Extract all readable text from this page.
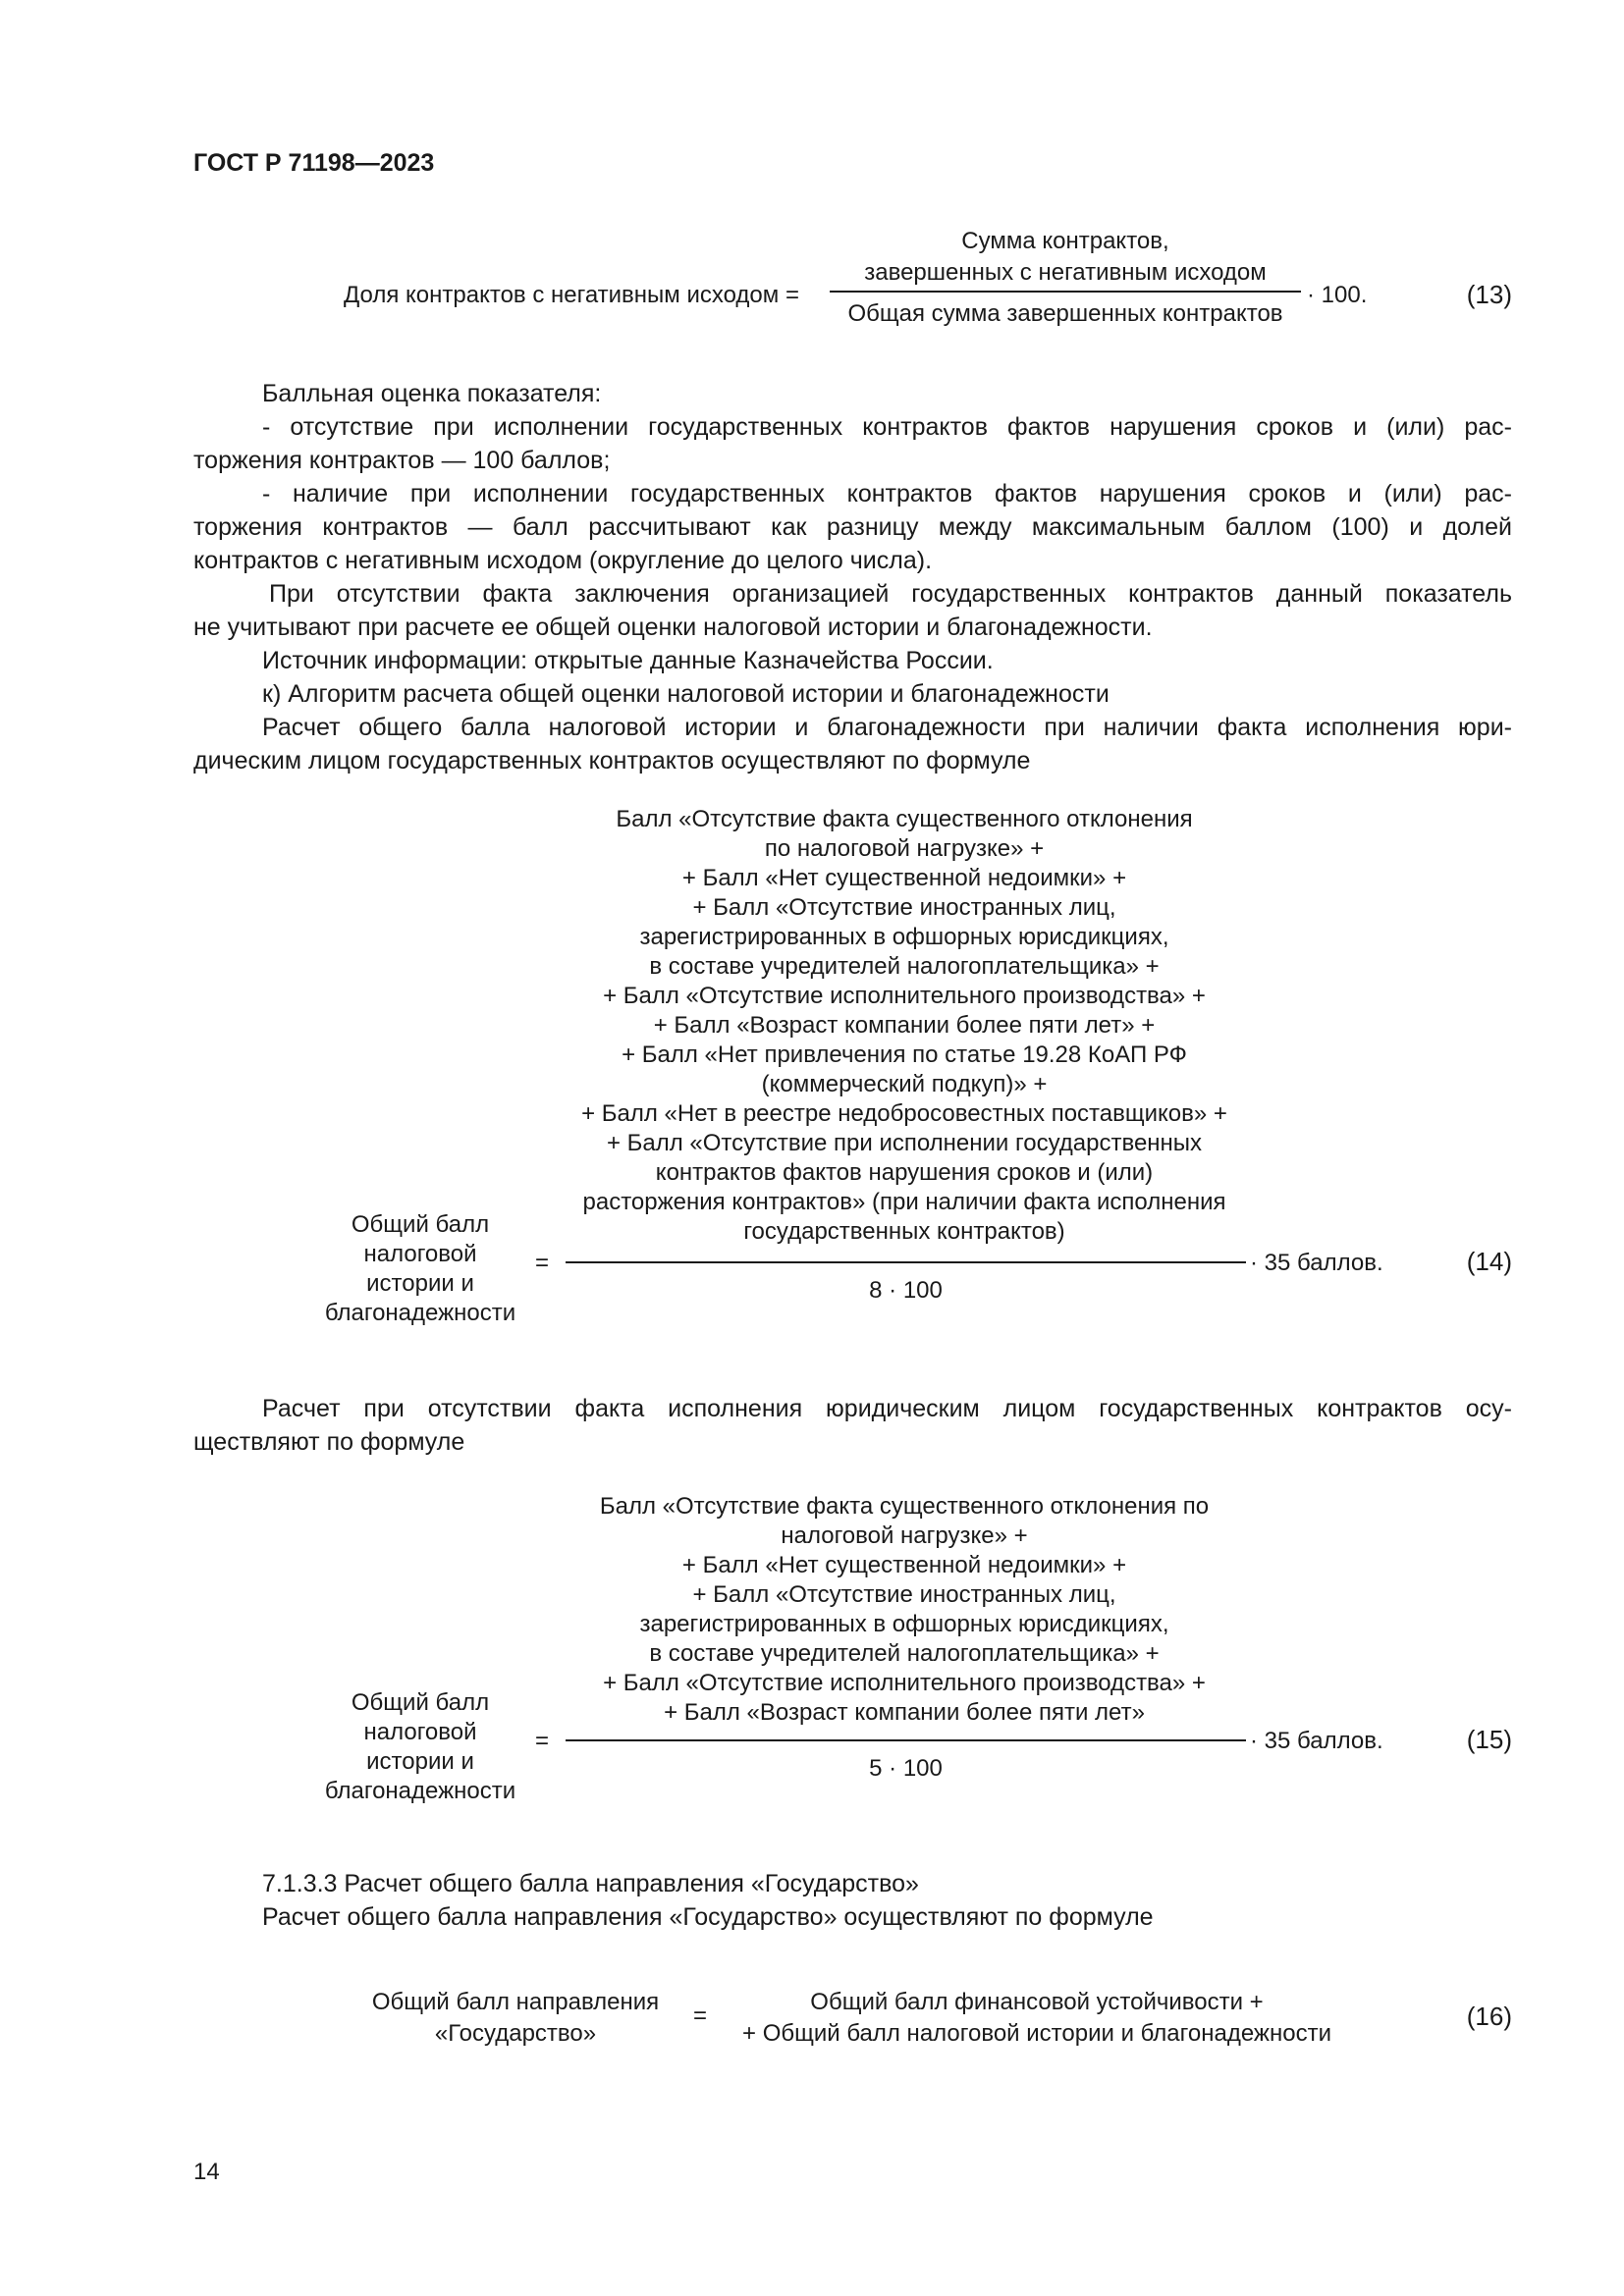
ГОСТ Р 71198—2023
Доля контрактов с негативным исходом =
Сумма контрактов,
завершенных с негативным исходом
Общая сумма завершенных контрактов
· 100.	(13)
Балльная оценка показателя:
- отсутствие при исполнении государственных контрактов фактов нарушения сроков и (или) рас-
торжения контрактов — 100 баллов;
- наличие при исполнении государственных контрактов фактов нарушения сроков и (или) рас-
торжения контрактов — балл рассчитывают как разницу между максимальным баллом (100) и долей
контрактов с негативным исходом (округление до целого числа).
При отсутствии факта заключения организацией государственных контрактов данный показатель
не учитывают при расчете ее общей оценки налоговой истории и благонадежности.
Источник информации: открытые данные Казначейства России.
к) Алгоритм расчета общей оценки налоговой истории и благонадежности
Расчет общего балла налоговой истории и благонадежности при наличии факта исполнения юри-
дическим лицом государственных контрактов осуществляют по формуле
Балл «Отсутствие факта существенного отклонения
по налоговой нагрузке» +
+ Балл «Нет существенной недоимки» +
+ Балл «Отсутствие иностранных лиц,
зарегистрированных в офшорных юрисдикциях,
в составе учредителей налогоплательщика» +
+ Балл «Отсутствие исполнительного производства» +
+ Балл «Возраст компании более пяти лет» +
+ Балл «Нет привлечения по статье 19.28 КоАП РФ
(коммерческий подкуп)» +
+ Балл «Нет в реестре недобросовестных поставщиков» +
+ Балл «Отсутствие при исполнении государственных
контрактов фактов нарушения сроков и (или)
расторжения контрактов» (при наличии факта исполнения
государственных контрактов)
Общий балл
налоговой
истории и
благонадежности
=
8 · 100
· 35 баллов.	(14)
Расчет при отсутствии факта исполнения юридическим лицом государственных контрактов осу-
ществляют по формуле
Балл «Отсутствие факта существенного отклонения по
налоговой нагрузке» +
+ Балл «Нет существенной недоимки» +
+ Балл «Отсутствие иностранных лиц,
зарегистрированных в офшорных юрисдикциях,
в составе учредителей налогоплательщика» +
+ Балл «Отсутствие исполнительного производства» +
+ Балл «Возраст компании более пяти лет»
Общий балл
налоговой
истории и
благонадежности
=
5 · 100
· 35 баллов.	(15)
7.1.3.3 Расчет общего балла направления «Государство»
Расчет общего балла направления «Государство» осуществляют по формуле
Общий балл направления
«Государство»
=
Общий балл финансовой устойчивости +
+ Общий балл налоговой истории и благонадежности
(16)
14
